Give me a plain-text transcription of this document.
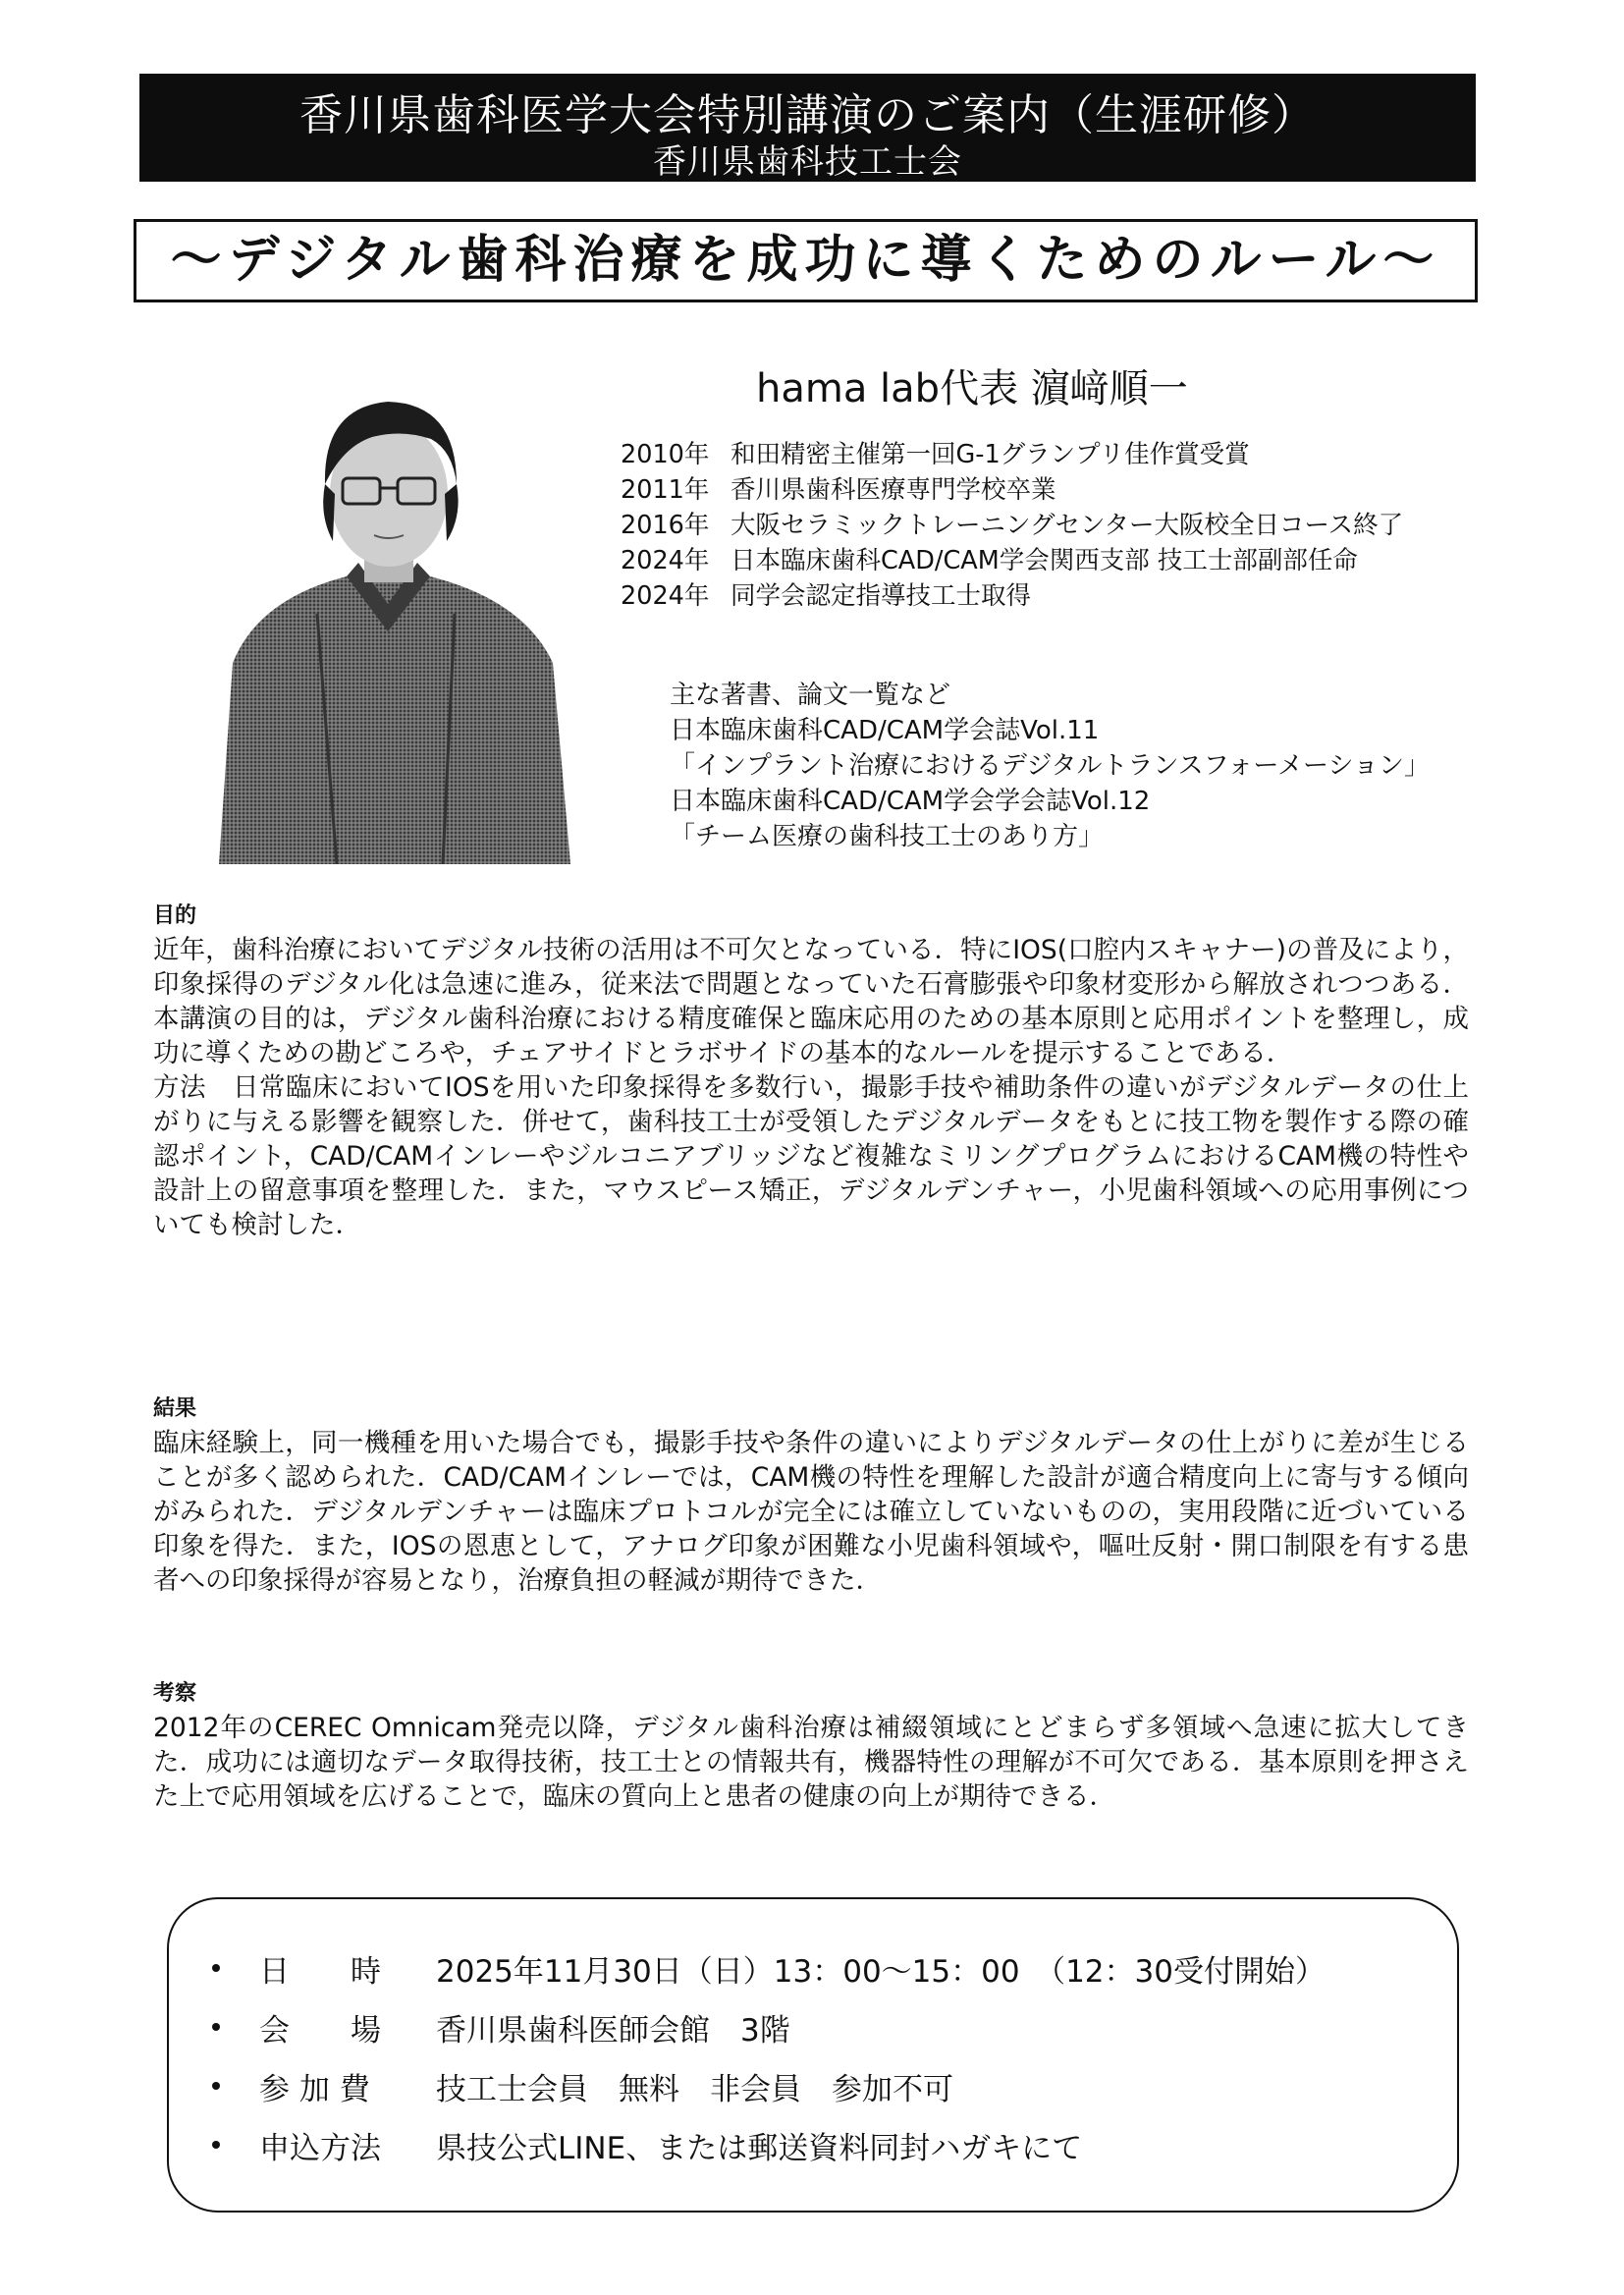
香川県歯科医学大会特別講演のご案内（生涯研修）
香川県歯科技工士会
〜デジタル歯科治療を成功に導くためのルール〜
hama lab代表 濵﨑順一
2010年 和田精密主催第一回G-1グランプリ佳作賞受賞
2011年 香川県歯科医療専門学校卒業
2016年 大阪セラミックトレーニングセンター大阪校全日コース終了
2024年 日本臨床歯科CAD/CAM学会関西支部 技工士部副部任命
2024年 同学会認定指導技工士取得
主な著書、論文一覧など
日本臨床歯科CAD/CAM学会誌Vol.11
「インプラント治療におけるデジタルトランスフォーメーション」
日本臨床歯科CAD/CAM学会学会誌Vol.12
「チーム医療の歯科技工士のあり方」
目的

近年，歯科治療においてデジタル技術の活用は不可欠となっている．特にIOS(口腔内スキャナー)の普及により，印象採得のデジタル化は急速に進み，従来法で問題となっていた石膏膨張や印象材変形から解放されつつある．本講演の目的は，デジタル歯科治療における精度確保と臨床応用のための基本原則と応用ポイントを整理し，成功に導くための勘どころや，チェアサイドとラボサイドの基本的なルールを提示することである．

方法　日常臨床においてIOSを用いた印象採得を多数行い，撮影手技や補助条件の違いがデジタルデータの仕上がりに与える影響を観察した．併せて，歯科技工士が受領したデジタルデータをもとに技工物を製作する際の確認ポイント，CAD/CAMインレーやジルコニアブリッジなど複雑なミリングプログラムにおけるCAM機の特性や設計上の留意事項を整理した．また，マウスピース矯正，デジタルデンチャー，小児歯科領域への応用事例についても検討した．

結果

臨床経験上，同一機種を用いた場合でも，撮影手技や条件の違いによりデジタルデータの仕上がりに差が生じることが多く認められた．CAD/CAMインレーでは，CAM機の特性を理解した設計が適合精度向上に寄与する傾向がみられた．デジタルデンチャーは臨床プロトコルが完全には確立していないものの，実用段階に近づいている印象を得た．また，IOSの恩恵として，アナログ印象が困難な小児歯科領域や，嘔吐反射・開口制限を有する患者への印象採得が容易となり，治療負担の軽減が期待できた．

考察

2012年のCEREC Omnicam発売以降，デジタル歯科治療は補綴領域にとどまらず多領域へ急速に拡大してきた．成功には適切なデータ取得技術，技工士との情報共有，機器特性の理解が不可欠である．基本原則を押さえた上で応用領域を広げることで，臨床の質向上と患者の健康の向上が期待できる．

日　　時	2025年11月30日（日）13：00〜15：00　（12：30受付開始）
会　　場	香川県歯科医師会館　3階
参 加 費	技工士会員　無料　非会員　参加不可
申込方法	県技公式LINE、または郵送資料同封ハガキにて
